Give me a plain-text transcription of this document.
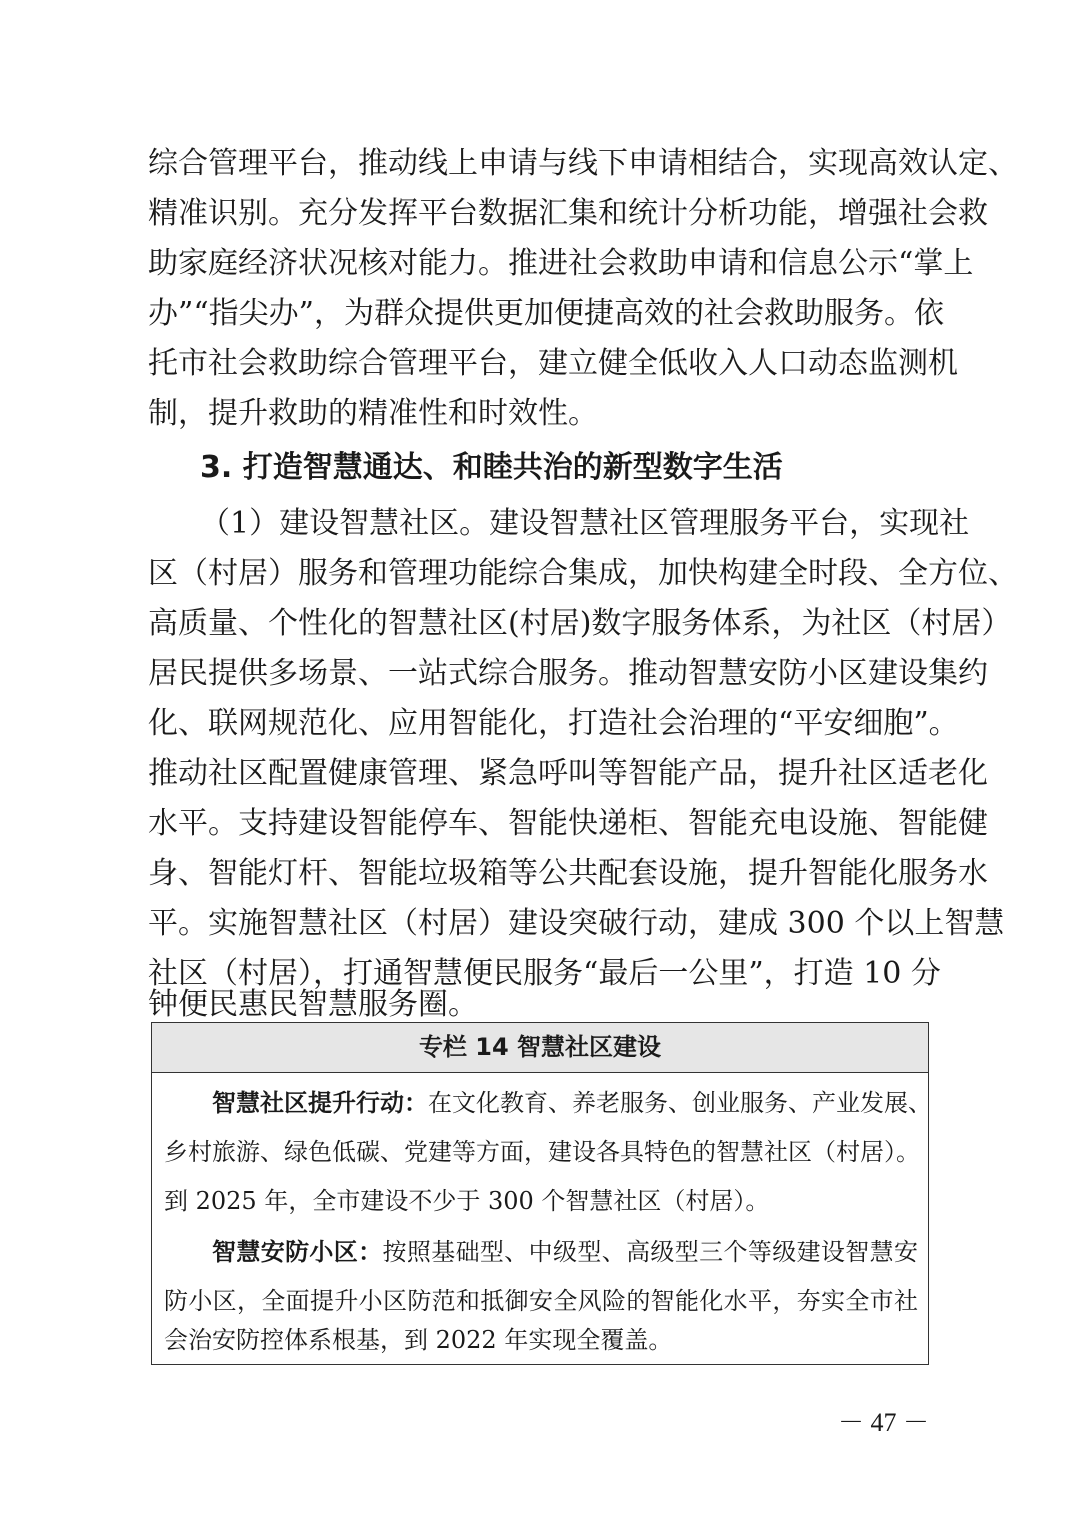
综合管理平台，推动线上申请与线下申请相结合，实现高效认定、
精准识别。充分发挥平台数据汇集和统计分析功能，增强社会救
助家庭经济状况核对能力。推进社会救助申请和信息公示“掌上
办”“指尖办”，为群众提供更加便捷高效的社会救助服务。依
托市社会救助综合管理平台，建立健全低收入人口动态监测机
制，提升救助的精准性和时效性。
3. 打造智慧通达、和睦共治的新型数字生活
（1）建设智慧社区。建设智慧社区管理服务平台，实现社
区（村居）服务和管理功能综合集成，加快构建全时段、全方位、
高质量、个性化的智慧社区(村居)数字服务体系，为社区（村居）
居民提供多场景、一站式综合服务。推动智慧安防小区建设集约
化、联网规范化、应用智能化，打造社会治理的“平安细胞”。
推动社区配置健康管理、紧急呼叫等智能产品，提升社区适老化
水平。支持建设智能停车、智能快递柜、智能充电设施、智能健
身、智能灯杆、智能垃圾箱等公共配套设施，提升智能化服务水
平。实施智慧社区（村居）建设突破行动，建成 300 个以上智慧
社区（村居），打通智慧便民服务“最后一公里”，打造 10 分
专栏 14 智慧社区建设
智慧社区提升行动：在文化教育、养老服务、创业服务、产业发展、
乡村旅游、绿色低碳、党建等方面，建设各具特色的智慧社区（村居）。
到 2025 年，全市建设不少于 300 个智慧社区（村居）。
智慧安防小区：按照基础型、中级型、高级型三个等级建设智慧安
防小区，全面提升小区防范和抵御安全风险的智能化水平，夯实全市社
会治安防控体系根基，到 2022 年实现全覆盖。
－ 47 －
钟便民惠民智慧服务圈。
